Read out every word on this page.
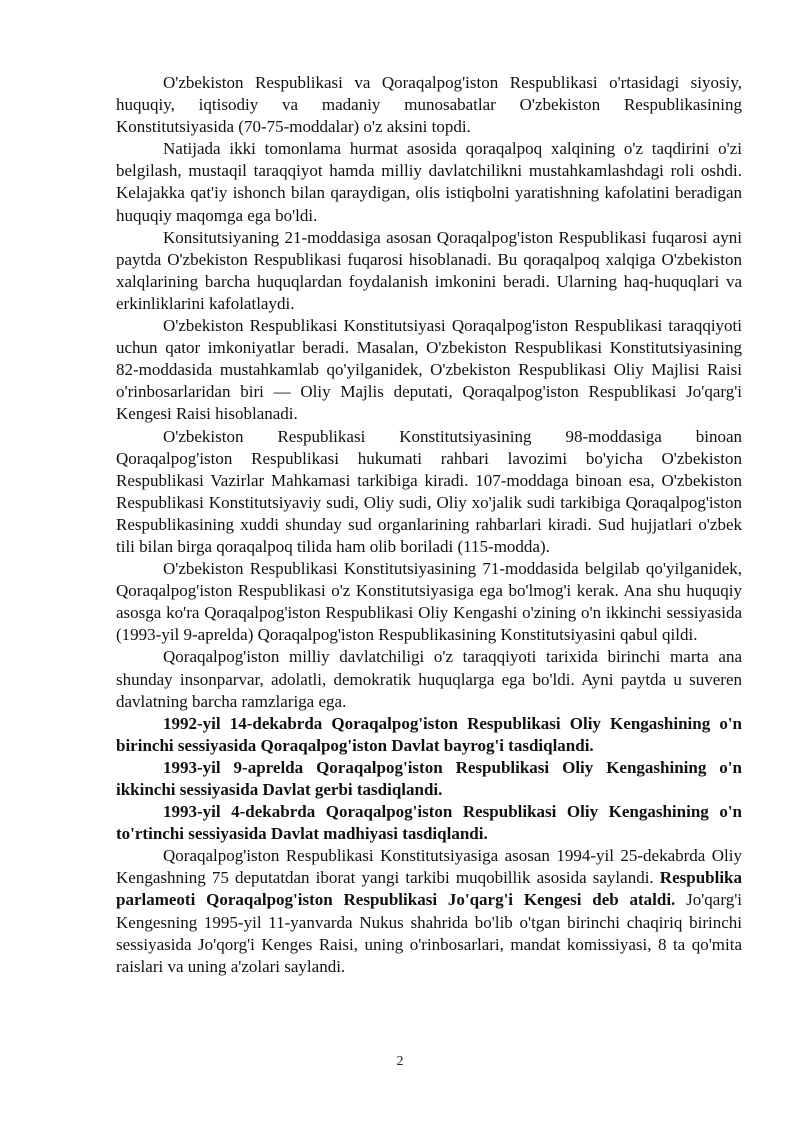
O'zbekiston Respublikasi va Qoraqalpog'iston Respublikasi o'rtasidagi siyosiy, huquqiy, iqtisodiy va madaniy munosabatlar O'zbekiston Respublikasining Konstitutsiyasida (70-75-moddalar) o'z aksini topdi.

Natijada ikki tomonlama hurmat asosida qoraqalpoq xalqining o'z taqdirini o'zi belgilash, mustaqil taraqqiyot hamda milliy davlatchilikni mustahkamlashdagi roli oshdi. Kelajakka qat'iy ishonch bilan qaraydigan, olis istiqbolni yaratishning kafolatini beradigan huquqiy maqomga ega bo'ldi.

Konsitutsiyaning 21-moddasiga asosan Qoraqalpog'iston Respublikasi fuqarosi ayni paytda O'zbekiston Respublikasi fuqarosi hisoblanadi. Bu qoraqalpoq xalqiga O'zbekiston xalqlarining barcha huquqlardan foydalanish imkonini beradi. Ularning haq-huquqlari va erkinliklarini kafolatlaydi.

O'zbekiston Respublikasi Konstitutsiyasi Qoraqalpog'iston Respublikasi taraqqiyoti uchun qator imkoniyatlar beradi. Masalan, O'zbekiston Respublikasi Konstitutsiyasining 82-moddasida mustahkamlab qo'yilganidek, O'zbekiston Respublikasi Oliy Majlisi Raisi o'rinbosarlaridan biri — Oliy Majlis deputati, Qoraqalpog'iston Respublikasi Jo'qarg'i Kengesi Raisi hisoblanadi.

O'zbekiston Respublikasi Konstitutsiyasining 98-moddasiga binoan Qoraqalpog'iston Respublikasi hukumati rahbari lavozimi bo'yicha O'zbekiston Respublikasi Vazirlar Mahkamasi tarkibiga kiradi. 107-moddaga binoan esa, O'zbekiston Respublikasi Konstitutsiyaviy sudi, Oliy sudi, Oliy xo'jalik sudi tarkibiga Qoraqalpog'iston Respublikasining xuddi shunday sud organlarining rahbarlari kiradi. Sud hujjatlari o'zbek tili bilan birga qoraqalpoq tilida ham olib boriladi (115-modda).

O'zbekiston Respublikasi Konstitutsiyasining 71-moddasida belgilab qo'yilganidek, Qoraqalpog'iston Respublikasi o'z Konstitutsiyasiga ega bo'lmog'i kerak. Ana shu huquqiy asosga ko'ra Qoraqalpog'iston Respublikasi Oliy Kengashi o'zining o'n ikkinchi sessiyasida (1993-yil 9-aprelda) Qoraqalpog'iston Respublikasining Konstitutsiyasini qabul qildi.

Qoraqalpog'iston milliy davlatchiligi o'z taraqqiyoti tarixida birinchi marta ana shunday insonparvar, adolatli, demokratik huquqlarga ega bo'ldi. Ayni paytda u suveren davlatning barcha ramzlariga ega.

1992-yil 14-dekabrda Qoraqalpog'iston Respublikasi Oliy Kengashining o'n birinchi sessiyasida Qoraqalpog'iston Davlat bayrog'i tasdiqlandi.

1993-yil 9-aprelda Qoraqalpog'iston Respublikasi Oliy Kengashining o'n ikkinchi sessiyasida Davlat gerbi tasdiqlandi.

1993-yil 4-dekabrda Qoraqalpog'iston Respublikasi Oliy Kengashining o'n to'rtinchi sessiyasida Davlat madhiyasi tasdiqlandi.

Qoraqalpog'iston Respublikasi Konstitutsiyasiga asosan 1994-yil 25-dekabrda Oliy Kengashning 75 deputatdan iborat yangi tarkibi muqobillik asosida saylandi. Respublika parlameoti Qoraqalpog'iston Respublikasi Jo'qarg'i Kengesi deb ataldi. Jo'qarg'i Kengesning 1995-yil 11-yanvarda Nukus shahrida bo'lib o'tgan birinchi chaqiriq birinchi sessiyasida Jo'qorg'i Kenges Raisi, uning o'rinbosarlari, mandat komissiyasi, 8 ta qo'mita raislari va uning a'zolari saylandi.

2
